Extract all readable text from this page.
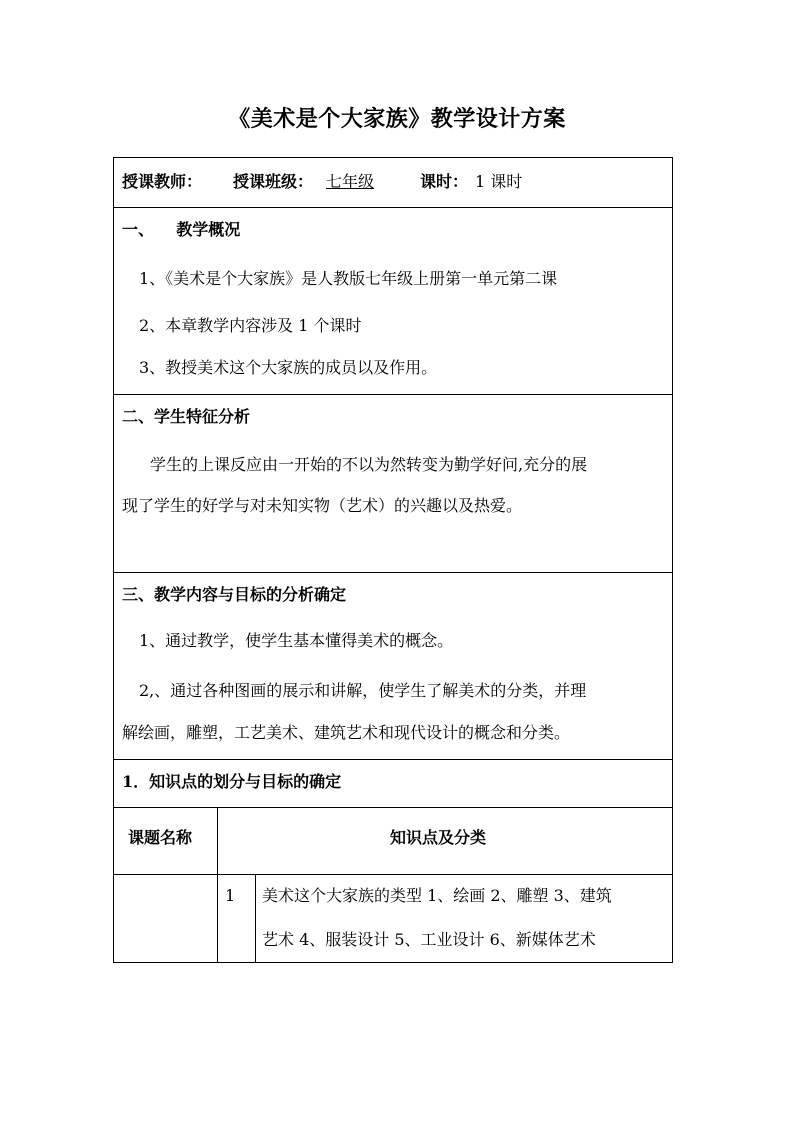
《美术是个大家族》教学设计方案
授课教师： 授课班级： 七年级	课时： 1 课时
一、    教学概况
1、《美术是个大家族》是人教版七年级上册第一单元第二课
2、本章教学内容涉及 1 个课时
3、教授美术这个大家族的成员以及作用。
二、学生特征分析
学生的上课反应由一开始的不以为然转变为勤学好问,充分的展
现了学生的好学与对未知实物（艺术）的兴趣以及热爱。
三、教学内容与目标的分析确定
1、通过教学，使学生基本懂得美术的概念。
2,、通过各种图画的展示和讲解，使学生了解美术的分类，并理
解绘画，雕塑，工艺美术、建筑艺术和现代设计的概念和分类。
1．知识点的划分与目标的确定
课题名称	知识点及分类
1 美术这个大家族的类型 1、绘画 2、雕塑 3、建筑
艺术 4、服装设计 5、工业设计 6、新媒体艺术
